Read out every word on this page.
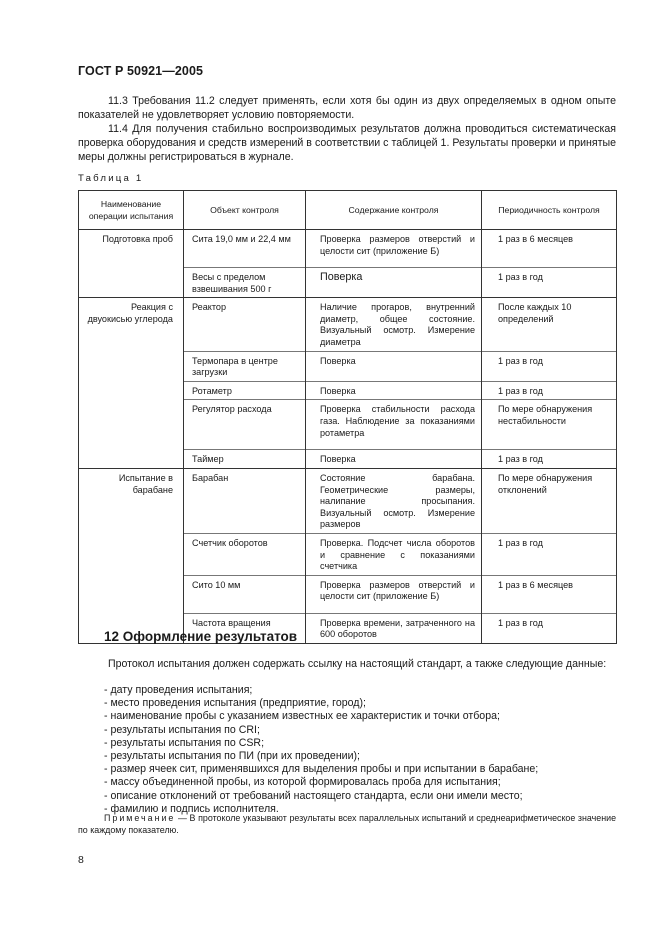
ГОСТ Р 50921—2005
11.3 Требования 11.2 следует применять, если хотя бы один из двух определяемых в одном опыте показателей не удовлетворяет условию повторяемости.
11.4 Для получения стабильно воспроизводимых результатов должна проводиться систематическая проверка оборудования и средств измерений в соответствии с таблицей 1. Результаты проверки и принятые меры должны регистрироваться в журнале.
Таблица 1
Наименование операции испытания	Объект контроля	Содержание контроля	Периодичность контроля
Подготовка проб	Сита 19,0 мм и 22,4 мм	Проверка размеров отверстий и целости сит (приложение Б)	1 раз в 6 месяцев
	Весы с пределом взвешивания 500 г	Поверка	1 раз в год
Реакция с двуокисью углерода	Реактор	Наличие прогаров, внутренний диаметр, общее состояние. Визуальный осмотр. Измерение диаметра	После каждых 10 определений
	Термопара в центре загрузки	Поверка	1 раз в год
	Ротаметр	Поверка	1 раз в год
	Регулятор расхода	Проверка стабильности расхода газа. Наблюдение за показаниями ротаметра	По мере обнаружения нестабильности
	Таймер	Поверка	1 раз в год
Испытание в барабане	Барабан	Состояние барабана. Геометрические размеры, налипание просыпания. Визуальный осмотр. Измерение размеров	По мере обнаружения отклонений
	Счетчик оборотов	Проверка. Подсчет числа оборотов и сравнение с показаниями счетчика	1 раз в год
	Сито 10 мм	Проверка размеров отверстий и целости сит (приложение Б)	1 раз в 6 месяцев
	Частота вращения	Проверка времени, затраченного на 600 оборотов	1 раз в год
12 Оформление результатов
Протокол испытания должен содержать ссылку на настоящий стандарт, а также следующие данные:
- дату проведения испытания;
- место проведения испытания (предприятие, город);
- наименование пробы с указанием известных ее характеристик и точки отбора;
- результаты испытания по CRI;
- результаты испытания по CSR;
- результаты испытания по ПИ (при их проведении);
- размер ячеек сит, применявшихся для выделения пробы и при испытании в барабане;
- массу объединенной пробы, из которой формировалась проба для испытания;
- описание отклонений от требований настоящего стандарта, если они имели место;
- фамилию и подпись исполнителя.
Примечание — В протоколе указывают результаты всех параллельных испытаний и среднеарифметическое значение по каждому показателю.
8
